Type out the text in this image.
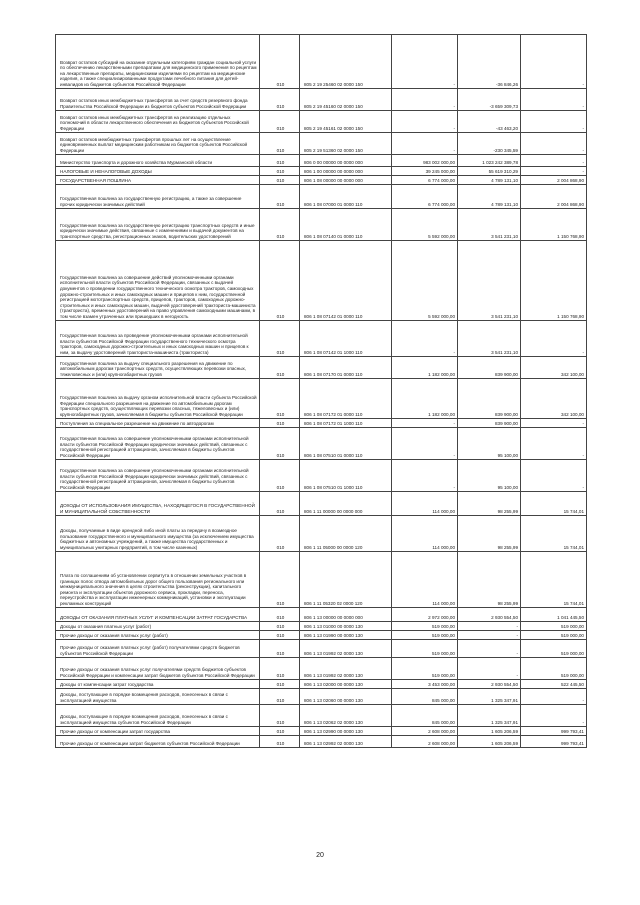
Возврат остатков субсидий на оказание отдельным категориям граждан социальной услуги по обеспечению лекарственными препаратами для медицинского применения по рецептам на лекарственные препараты, медицинскими изделиями по рецептам на медицинские изделия, а также специализированными продуктами лечебного питания для детей-инвалидов из бюджетов субъектов Российской Федерации	010	805 2 19 25460 02 0000 150	-	-36 846,26	-
Возврат остатков иных межбюджетных трансфертов за счет средств резервного фонда Правительства Российской Федерации из бюджетов субъектов Российской Федерации	010	805 2 19 45160 02 0000 150	-	-3 659 309,73	-
Возврат остатков иных межбюджетных трансфертов на реализацию отдельных полномочий в области лекарственного обеспечения из бюджетов субъектов Российской Федерации	010	805 2 19 45161 02 0000 150	-	-43 463,20	-
Возврат остатков межбюджетных трансфертов прошлых лет на осуществление единовременных выплат медицинским работникам из бюджетов субъектов Российской Федерации	010	805 2 19 51360 02 0000 150	-	-230 345,59	-
Министерство транспорта и дорожного хозяйства Мурманской области	010	806 0 00 00000 00 0000 000	983 002 000,00	1 023 242 389,78	-
НАЛОГОВЫЕ И НЕНАЛОГОВЫЕ ДОХОДЫ	010	806 1 00 00000 00 0000 000	39 245 000,00	55 619 310,29	-
ГОСУДАРСТВЕННАЯ ПОШЛИНА	010	806 1 08 00000 00 0000 000	6 774 000,00	4 789 131,10	2 004 868,90
Государственная пошлина за государственную регистрацию, а также за совершение прочих юридически значимых действий	010	806 1 08 07000 01 0000 110	6 774 000,00	4 789 131,10	2 004 868,90
Государственная пошлина за государственную регистрацию транспортных средств и иные юридически значимые действия, связанные с изменениями и выдачей документов на транспортные средства, регистрационных знаков, водительских удостоверений	010	806 1 08 07140 01 0000 110	5 592 000,00	3 541 231,10	1 150 768,90
Государственная пошлина за совершение действий уполномоченными органами исполнительной власти субъектов Российской Федерации, связанных с выдачей документов о проведении государственного технического осмотра тракторов, самоходных дорожно-строительных и иных самоходных машин и прицепов к ним, государственной регистрацией мототранспортных средств, прицепов, тракторов, самоходных дорожно-строительных и иных самоходных машин, выдачей удостоверений тракториста-машиниста (тракториста), временных удостоверений на право управления самоходными машинами, в том числе взамен утраченных или пришедших в негодность	010	806 1 08 07142 01 0000 110	5 592 000,00	3 541 231,10	1 150 768,90
Государственная пошлина за проведение уполномоченными органами исполнительной власти субъектов Российской Федерации государственного технического осмотра тракторов, самоходных дорожно-строительных и иных самоходных машин и прицепов к ним, за выдачу удостоверений тракториста-машиниста (тракториста)	010	806 1 08 07142 01 1000 110	-	3 541 231,10	-
Государственная пошлина за выдачу специального разрешения на движение по автомобильным дорогам транспортных средств, осуществляющих перевозки опасных, тяжеловесных и (или) крупногабаритных грузов	010	806 1 08 07170 01 0000 110	1 182 000,00	839 900,00	342 100,00
Государственная пошлина за выдачу органом исполнительной власти субъекта Российской Федерации специального разрешения на движение по автомобильным дорогам транспортных средств, осуществляющих перевозки опасных, тяжеловесных и (или) крупногабаритных грузов, зачисляемая в бюджеты субъектов Российской Федерации	010	806 1 08 07172 01 0000 110	1 182 000,00	839 900,00	342 100,00
Поступления за специальное разрешение на движение по автодорогам	010	806 1 08 07172 01 1000 110	-	839 900,00	-
Государственная пошлина за совершение уполномоченными органами исполнительной власти субъектов Российской Федерации юридически значимых действий, связанных с государственной регистрацией аттракционов, зачисляемая в бюджеты субъектов Российской Федерации	010	806 1 08 07510 01 0000 110	-	95 100,00	-
Государственная пошлина за совершение уполномоченными органами исполнительной власти субъектов Российской Федерации юридически значимых действий, связанных с государственной регистрацией аттракционов, зачисляемая в бюджеты субъектов Российской Федерации	010	806 1 08 07510 01 1000 110	-	95 100,00	-
ДОХОДЫ ОТ ИСПОЛЬЗОВАНИЯ ИМУЩЕСТВА, НАХОДЯЩЕГОСЯ В ГОСУДАРСТВЕННОЙ И МУНИЦИПАЛЬНОЙ СОБСТВЕННОСТИ	010	806 1 11 00000 00 0000 000	114 000,00	98 255,99	15 744,01
Доходы, получаемые в виде арендной либо иной платы за передачу в возмездное пользование государственного и муниципального имущества (за исключением имущества бюджетных и автономных учреждений, а также имущества государственных и муниципальных унитарных предприятий, в том числе казенных)	010	806 1 11 05000 00 0000 120	114 000,00	98 255,99	15 744,01
Плата по соглашениям об установлении сервитута в отношении земельных участков в границах полос отвода автомобильных дорог общего пользования регионального или межмуниципального значения в целях строительства (реконструкции), капитального ремонта и эксплуатации объектов дорожного сервиса, прокладки, переноса, переустройства и эксплуатации инженерных коммуникаций, установки и эксплуатации рекламных конструкций	010	806 1 11 05320 02 0000 120	114 000,00	98 255,99	15 744,01
ДОХОДЫ ОТ ОКАЗАНИЯ ПЛАТНЫХ УСЛУГ И КОМПЕНСАЦИИ ЗАТРАТ ГОСУДАРСТВА	010	806 1 13 00000 00 0000 000	2 972 000,00	2 930 554,50	1 041 445,50
Доходы от оказания платных услуг (работ)	010	806 1 13 01000 00 0000 130	519 000,00	-	519 000,00
Прочие доходы от оказания платных услуг (работ)	010	806 1 13 01990 00 0000 130	519 000,00	-	519 000,00
Прочие доходы от оказания платных услуг (работ) получателями средств бюджетов субъектов Российской Федерации	010	806 1 13 01992 02 0000 130	519 000,00	-	519 000,00
Прочие доходы от оказания платных услуг получателями средств бюджетов субъектов Российской Федерации и компенсации затрат бюджетов субъектов Российской Федерации	010	806 1 13 01992 02 0000 130	519 000,00	-	519 000,00
Доходы от компенсации затрат государства	010	806 1 13 02000 00 0000 130	3 453 000,00	2 930 554,50	522 445,50
Доходы, поступающие в порядке возмещения расходов, понесенных в связи с эксплуатацией имущества	010	806 1 13 02060 00 0000 130	845 000,00	1 325 347,91	-
Доходы, поступающие в порядке возмещения расходов, понесенных в связи с эксплуатацией имущества субъектов Российской Федерации	010	806 1 13 02062 02 0000 130	845 000,00	1 325 347,91	-
Прочие доходы от компенсации затрат государства	010	806 1 13 02990 00 0000 130	2 608 000,00	1 605 206,59	999 793,41
Прочие доходы от компенсации затрат бюджетов субъектов Российской Федерации	010	806 1 13 02992 02 0000 130	2 608 000,00	1 605 206,59	999 793,41
20
